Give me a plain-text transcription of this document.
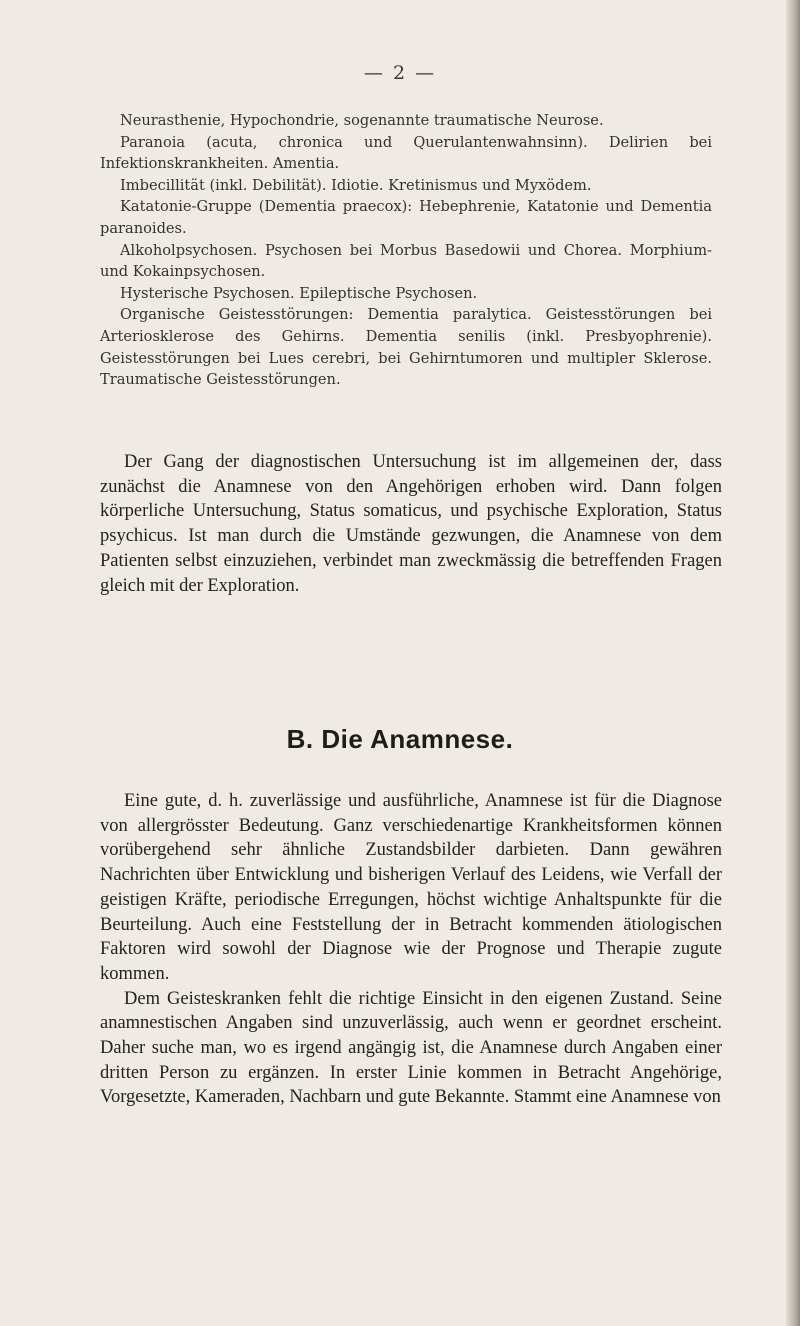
— 2 —

Neurasthenie, Hypochondrie, sogenannte traumatische Neurose.

Paranoia (acuta, chronica und Querulantenwahnsinn). Delirien bei Infektionskrankheiten. Amentia.

Imbecillität (inkl. Debilität). Idiotie. Kretinismus und Myxödem.

Katatonie-Gruppe (Dementia praecox): Hebephrenie, Katatonie und Dementia paranoides.

Alkoholpsychosen. Psychosen bei Morbus Basedowii und Chorea. Morphium- und Kokainpsychosen.

Hysterische Psychosen. Epileptische Psychosen.

Organische Geistesstörungen: Dementia paralytica. Geistesstörungen bei Arteriosklerose des Gehirns. Dementia senilis (inkl. Presbyophrenie). Geistesstörungen bei Lues cerebri, bei Gehirntumoren und multipler Sklerose. Traumatische Geistesstörungen.

Der Gang der diagnostischen Untersuchung ist im allgemeinen der, dass zunächst die Anamnese von den Angehörigen erhoben wird. Dann folgen körperliche Untersuchung, Status somaticus, und psychische Exploration, Status psychicus. Ist man durch die Umstände gezwungen, die Anamnese von dem Patienten selbst einzuziehen, verbindet man zweckmässig die betreffenden Fragen gleich mit der Exploration.

B. Die Anamnese.

Eine gute, d. h. zuverlässige und ausführliche, Anamnese ist für die Diagnose von allergrösster Bedeutung. Ganz verschiedenartige Krankheitsformen können vorübergehend sehr ähnliche Zustandsbilder darbieten. Dann gewähren Nachrichten über Entwicklung und bisherigen Verlauf des Leidens, wie Verfall der geistigen Kräfte, periodische Erregungen, höchst wichtige Anhaltspunkte für die Beurteilung. Auch eine Feststellung der in Betracht kommenden ätiologischen Faktoren wird sowohl der Diagnose wie der Prognose und Therapie zugute kommen.

Dem Geisteskranken fehlt die richtige Einsicht in den eigenen Zustand. Seine anamnestischen Angaben sind unzuverlässig, auch wenn er geordnet erscheint. Daher suche man, wo es irgend angängig ist, die Anamnese durch Angaben einer dritten Person zu ergänzen. In erster Linie kommen in Betracht Angehörige, Vorgesetzte, Kameraden, Nachbarn und gute Bekannte. Stammt eine Anamnese von
